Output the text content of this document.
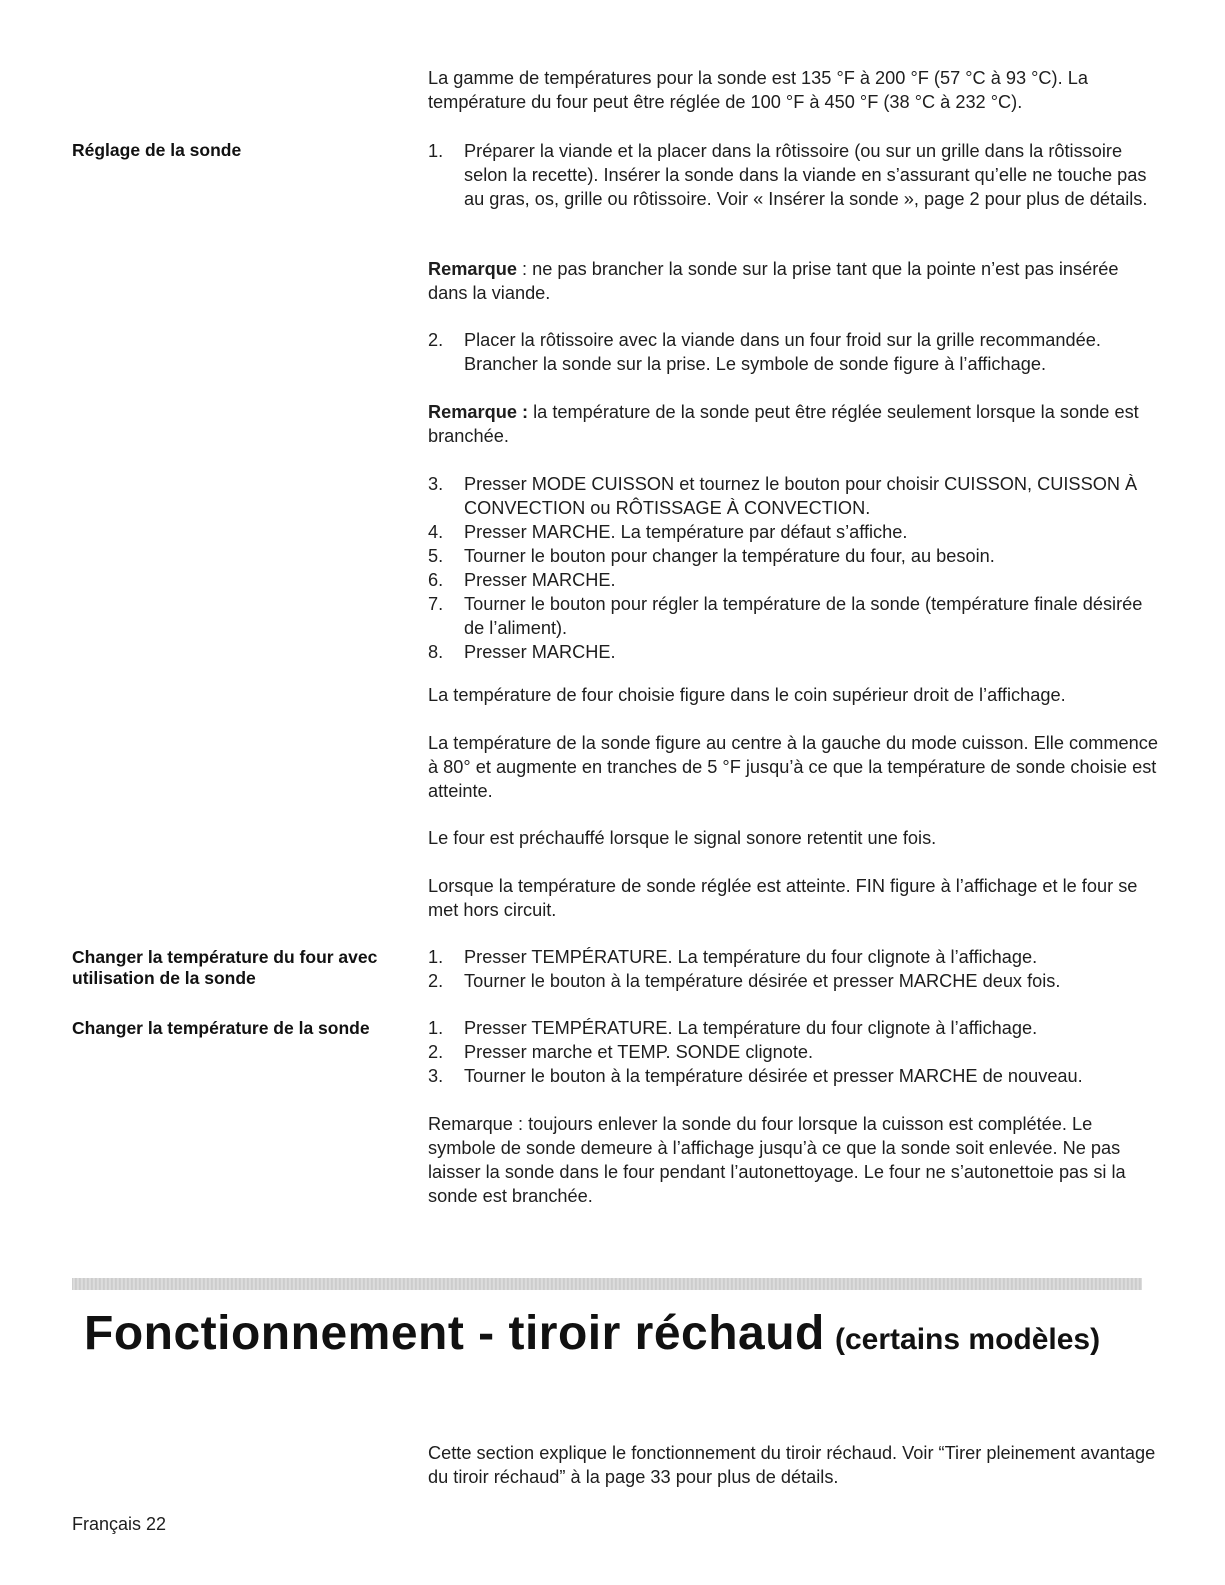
La gamme de températures pour la sonde est 135 °F à 200 °F (57 °C à 93 °C). La température du four peut être réglée de 100 °F à 450 °F (38 °C à 232 °C).

Réglage de la sonde	1. Préparer la viande et la placer dans la rôtissoire (ou sur un grille dans la rôtissoire selon la recette). Insérer la sonde dans la viande en s’assurant qu’elle ne touche pas au gras, os, grille ou rôtissoire. Voir « Insérer la sonde », page 2 pour plus de détails.

Remarque : ne pas brancher la sonde sur la prise tant que la pointe n’est pas insérée dans la viande.

2. Placer la rôtissoire avec la viande dans un four froid sur la grille recommandée. Brancher la sonde sur la prise. Le symbole de sonde figure à l’affichage.

Remarque : la température de la sonde peut être réglée seulement lorsque la sonde est branchée.

3. Presser MODE CUISSON et tournez le bouton pour choisir CUISSON, CUISSON À CONVECTION ou RÔTISSAGE À CONVECTION.
4. Presser MARCHE. La température par défaut s’affiche.
5. Tourner le bouton pour changer la température du four, au besoin.
6. Presser MARCHE.
7. Tourner le bouton pour régler la température de la sonde (température finale désirée de l’aliment).
8. Presser MARCHE.

La température de four choisie figure dans le coin supérieur droit de l’affichage.

La température de la sonde figure au centre à la gauche du mode cuisson. Elle commence à 80° et augmente en tranches de 5 °F jusqu’à ce que la température de sonde choisie est atteinte.

Le four est préchauffé lorsque le signal sonore retentit une fois.

Lorsque la température de sonde réglée est atteinte. FIN figure à l’affichage et le four se met hors circuit.

Changer la température du four avec utilisation de la sonde
1. Presser TEMPÉRATURE. La température du four clignote à l’affichage.
2. Tourner le bouton à la température désirée et presser MARCHE deux fois.
Changer la température de la sonde	1. Presser TEMPÉRATURE. La température du four clignote à l’affichage.
2. Presser marche et TEMP. SONDE clignote.
3. Tourner le bouton à la température désirée et presser MARCHE de nouveau.

Remarque : toujours enlever la sonde du four lorsque la cuisson est complétée. Le symbole de sonde demeure à l’affichage jusqu’à ce que la sonde soit enlevée. Ne pas laisser la sonde dans le four pendant l’autonettoyage. Le four ne s’autonettoie pas si la sonde est branchée.

Fonctionnement - tiroir réchaud (certains modèles)

Cette section explique le fonctionnement du tiroir réchaud. Voir “Tirer pleinement avantage du tiroir réchaud” à la page 33 pour plus de détails.

Français 22
